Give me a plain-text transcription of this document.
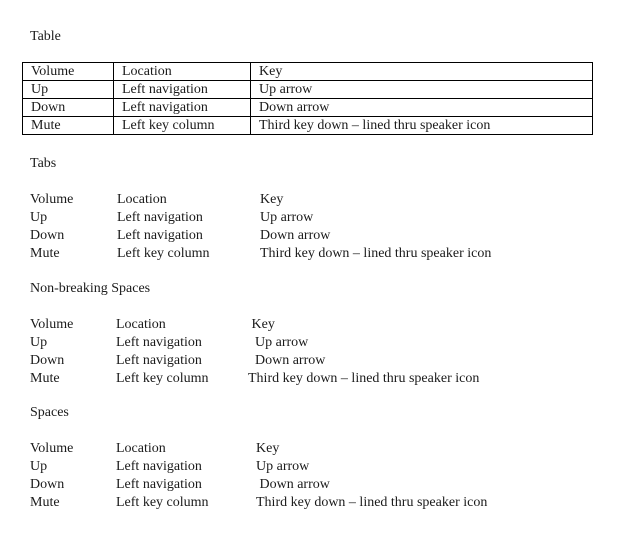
Table
Volume	Location	Key
Up	Left navigation	Up arrow
Down	Left navigation	Down arrow
Mute	Left key column	Third key down – lined thru speaker icon
Tabs
Volume	Location	Key
Up	Left navigation	Up arrow
Down	Left navigation	Down arrow
Mute	Left key column	Third key down – lined thru speaker icon
Non-breaking Spaces
Volume	Location	Key
Up	Left navigation	Up arrow
Down	Left navigation	Down arrow
Mute	Left key column	Third key down – lined thru speaker icon
Spaces
Volume	Location	Key
Up	Left navigation	Up arrow
Down	Left navigation	Down arrow
Mute	Left key column	Third key down – lined thru speaker icon
